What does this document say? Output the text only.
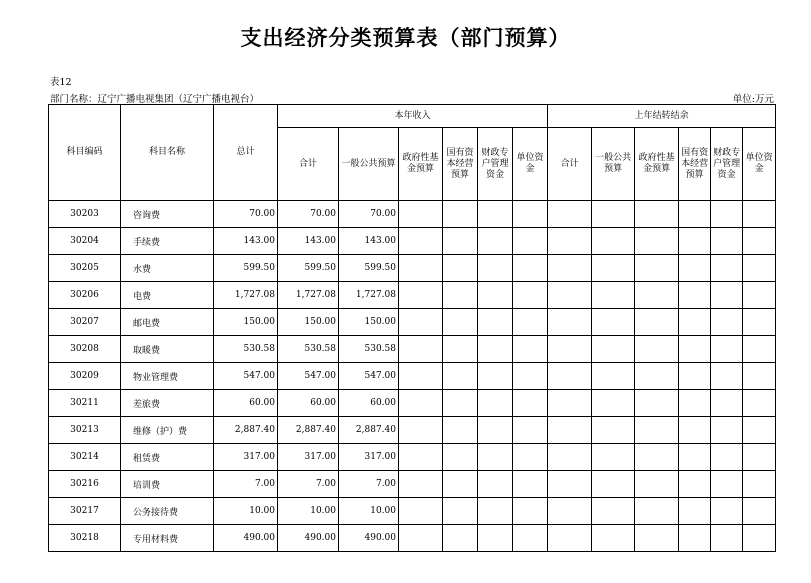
支出经济分类预算表（部门预算）
表12
部门名称：辽宁广播电视集团（辽宁广播电视台）	单位:万元
科目编码	科目名称	总计	本年收入						上年结转结余					
			合计	一般公共预算	政府性基金预算	国有资本经营预算	财政专户管理资金	单位资金	合计	一般公共预算	政府性基金预算	国有资本经营预算	财政专户管理资金	单位资金
30203	咨询费	70.00	70.00	70.00										
30204	手续费	143.00	143.00	143.00										
30205	水费	599.50	599.50	599.50										
30206	电费	1,727.08	1,727.08	1,727.08										
30207	邮电费	150.00	150.00	150.00										
30208	取暖费	530.58	530.58	530.58										
30209	物业管理费	547.00	547.00	547.00										
30211	差旅费	60.00	60.00	60.00										
30213	维修（护）费	2,887.40	2,887.40	2,887.40										
30214	租赁费	317.00	317.00	317.00										
30216	培训费	7.00	7.00	7.00										
30217	公务接待费	10.00	10.00	10.00										
30218	专用材料费	490.00	490.00	490.00										
